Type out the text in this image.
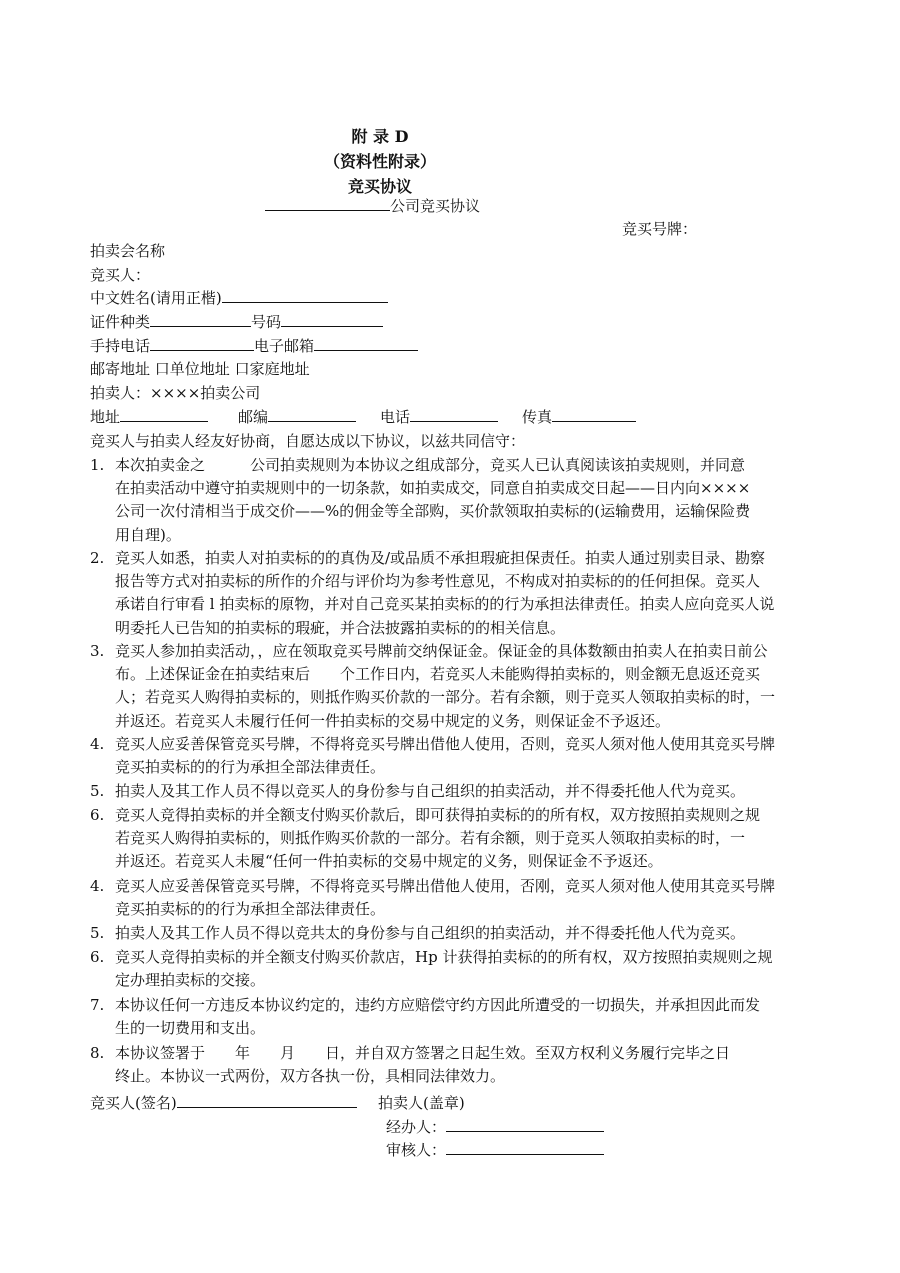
附 录 D
（资料性附录）
竞买协议
公司竞买协议
竞买号牌：
拍卖会名称
竞买人：
中文姓名(请用正楷)
证件种类	号码
手持电话	电子邮箱
邮寄地址 口单位地址 口家庭地址
拍卖人：××××拍卖公司
地址	邮编	电话	传真
竞买人与拍卖人经友好协商，自愿达成以下协议，以兹共同信守：
1. 本次拍卖金之　　　公司拍卖规则为本协议之组成部分，竞买人已认真阅读该拍卖规则，并同意
在拍卖活动中遵守拍卖规则中的一切条款，如拍卖成交，同意自拍卖成交日起——日内向××××
公司一次付清相当于成交价——%的佣金等全部购，买价款领取拍卖标的(运输费用，运输保险费
用自理)。
2. 竞买人如悉，拍卖人对拍卖标的的真伪及/或品质不承担瑕疵担保责任。拍卖人通过别卖目录、勘察
报告等方式对拍卖标的所作的介绍与评价均为参考性意见，不构成对拍卖标的的任何担保。竞买人
承诺自行审看 l 拍卖标的原物，并对自己竞买某拍卖标的的行为承担法律责任。拍卖人应向竞买人说
明委托人已告知的拍卖标的瑕疵，并合法披露拍卖标的的相关信息。
3. 竞买人参加拍卖活动，，应在领取竞买号牌前交纳保证金。保证金的具体数额由拍卖人在拍卖日前公
布。上述保证金在拍卖结束后　　个工作日内，若竞买人未能购得拍卖标的，则金额无息返还竞买
人；若竞买人购得拍卖标的，则抵作购买价款的一部分。若有余额，则于竞买人领取拍卖标的时，一
并返还。若竞买人未履行任何一件拍卖标的交易中规定的义务，则保证金不予返还。
4. 竞买人应妥善保管竞买号牌，不得将竞买号牌出借他人使用，否则，竞买人须对他人使用其竞买号牌
竞买拍卖标的的行为承担全部法律责任。
5. 拍卖人及其工作人员不得以竞买人的身份参与自己组织的拍卖活动，并不得委托他人代为竞买。
6. 竞买人竞得拍卖标的并全额支付购买价款后，即可获得拍卖标的的所有权，双方按照拍卖规则之规
若竞买人购得拍卖标的，则抵作购买价款的一部分。若有余额，则于竞买人领取拍卖标的时，一
并返还。若竞买人未履“任何一件拍卖标的交易中规定的义务，则保证金不予返还。
4. 竞买人应妥善保管竞买号牌，不得将竞买号牌出借他人使用，否刚，竞买人须对他人使用其竞买号牌
竞买拍卖标的的行为承担全部法律责任。
5. 拍卖人及其工作人员不得以竞共太的身份参与自己组织的拍卖活动，并不得委托他人代为竞买。
6. 竞买人竞得拍卖标的并全额支付购买价款店，Hp 计获得拍卖标的的所有权，双方按照拍卖规则之规
定办理拍卖标的交接。
7. 本协议任何一方违反本协议约定的，违约方应赔偿守约方因此所遭受的一切损失，并承担因此而发
生的一切费用和支出。
8. 本协议签署于　　年　　月　　日，并自双方签署之日起生效。至双方权利义务履行完毕之日
终止。本协议一式两份，双方各执一份，具相同法律效力。
竞买人(签名)	拍卖人(盖章)
经办人：
审核人：
